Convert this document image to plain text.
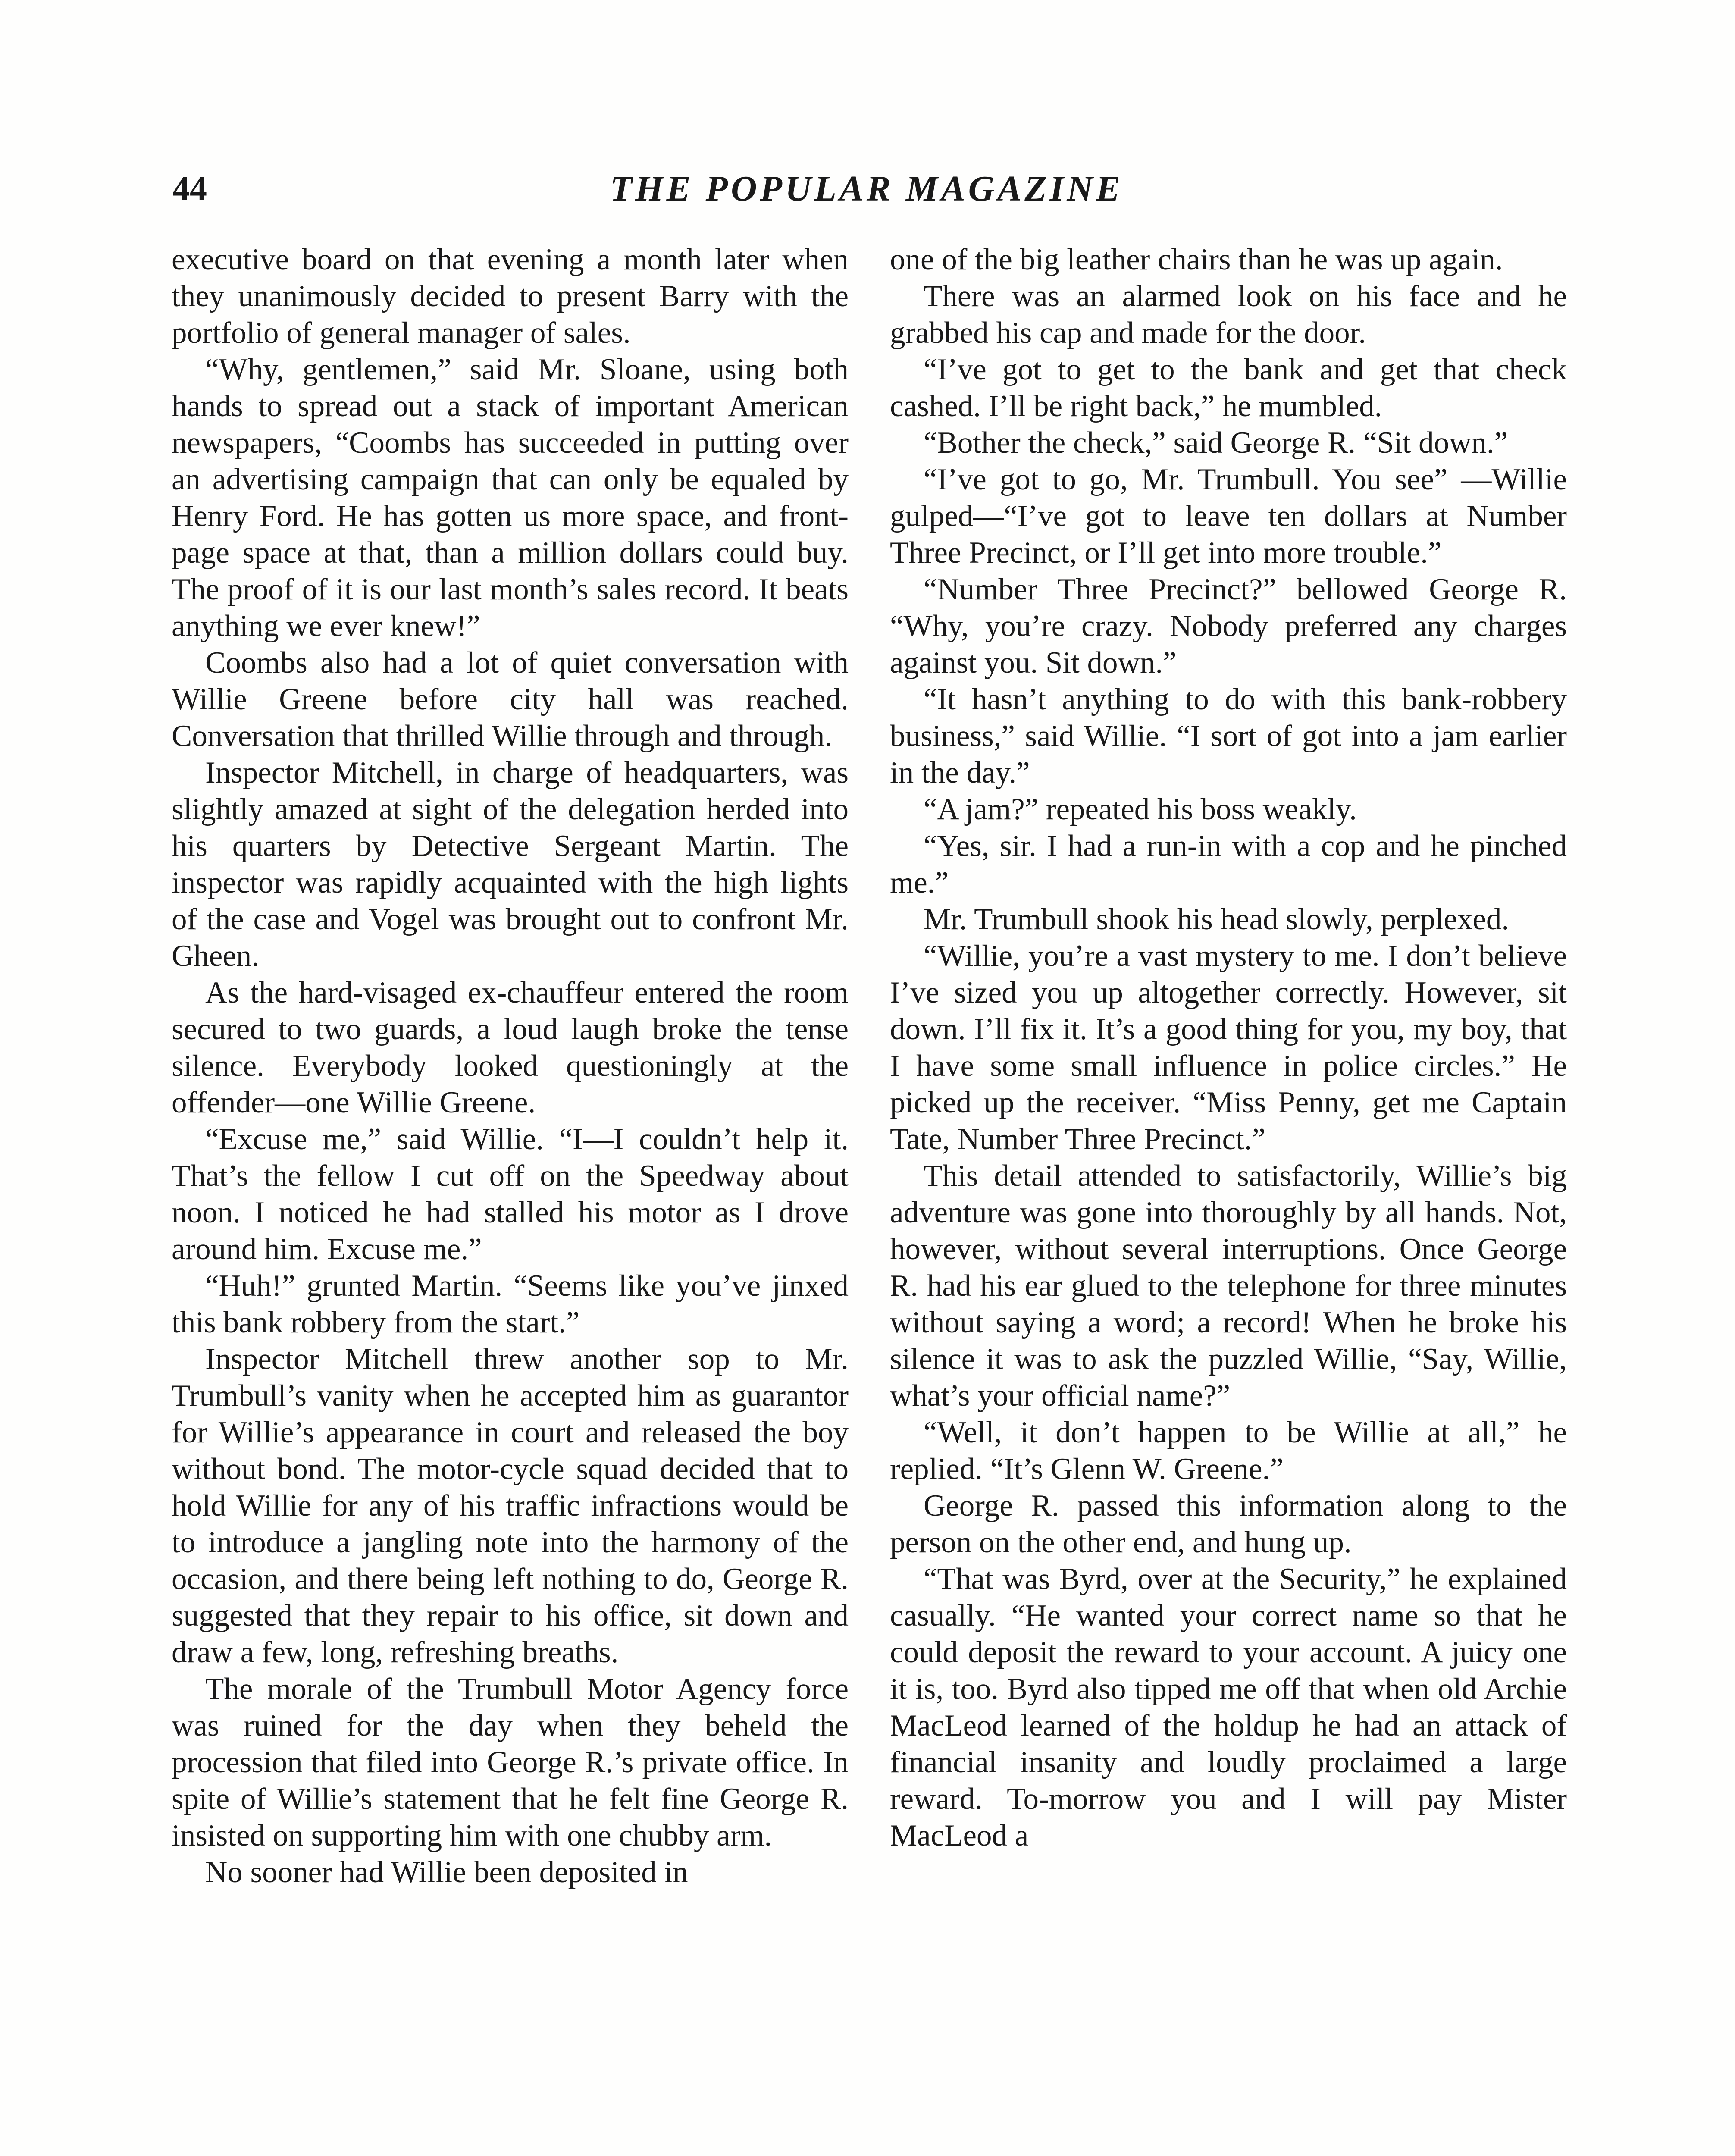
44	THE POPULAR MAGAZINE

executive board on that evening a month later when they unanimously decided to present Barry with the portfolio of general manager of sales.

“Why, gentlemen,” said Mr. Sloane, using both hands to spread out a stack of important American newspapers, “Coombs has succeeded in putting over an advertising campaign that can only be equaled by Henry Ford. He has gotten us more space, and front-page space at that, than a million dollars could buy. The proof of it is our last month’s sales record. It beats anything we ever knew!”

Coombs also had a lot of quiet conversation with Willie Greene before city hall was reached. Conversation that thrilled Willie through and through.

Inspector Mitchell, in charge of headquarters, was slightly amazed at sight of the delegation herded into his quarters by Detective Sergeant Martin. The inspector was rapidly acquainted with the high lights of the case and Vogel was brought out to confront Mr. Gheen.

As the hard-visaged ex-chauffeur entered the room secured to two guards, a loud laugh broke the tense silence. Everybody looked questioningly at the offender—one Willie Greene.

“Excuse me,” said Willie. “I—I couldn’t help it. That’s the fellow I cut off on the Speedway about noon. I noticed he had stalled his motor as I drove around him. Excuse me.”

“Huh!” grunted Martin. “Seems like you’ve jinxed this bank robbery from the start.”

Inspector Mitchell threw another sop to Mr. Trumbull’s vanity when he accepted him as guarantor for Willie’s appearance in court and released the boy without bond. The motor-cycle squad decided that to hold Willie for any of his traffic infractions would be to introduce a jangling note into the harmony of the occasion, and there being left nothing to do, George R. suggested that they repair to his office, sit down and draw a few, long, refreshing breaths.

The morale of the Trumbull Motor Agency force was ruined for the day when they beheld the procession that filed into George R.’s private office. In spite of Willie’s statement that he felt fine George R. insisted on supporting him with one chubby arm.

No sooner had Willie been deposited in

one of the big leather chairs than he was up again.

There was an alarmed look on his face and he grabbed his cap and made for the door.

“I’ve got to get to the bank and get that check cashed. I’ll be right back,” he mumbled.

“Bother the check,” said George R. “Sit down.”

“I’ve got to go, Mr. Trumbull. You see” —Willie gulped—“I’ve got to leave ten dollars at Number Three Precinct, or I’ll get into more trouble.”

“Number Three Precinct?” bellowed George R. “Why, you’re crazy. Nobody preferred any charges against you. Sit down.”

“It hasn’t anything to do with this bank-robbery business,” said Willie. “I sort of got into a jam earlier in the day.”

“A jam?” repeated his boss weakly.

“Yes, sir. I had a run-in with a cop and he pinched me.”

Mr. Trumbull shook his head slowly, perplexed.

“Willie, you’re a vast mystery to me. I don’t believe I’ve sized you up altogether correctly. However, sit down. I’ll fix it. It’s a good thing for you, my boy, that I have some small influence in police circles.” He picked up the receiver. “Miss Penny, get me Captain Tate, Number Three Precinct.”

This detail attended to satisfactorily, Willie’s big adventure was gone into thoroughly by all hands. Not, however, without several interruptions. Once George R. had his ear glued to the telephone for three minutes without saying a word; a record! When he broke his silence it was to ask the puzzled Willie, “Say, Willie, what’s your official name?”

“Well, it don’t happen to be Willie at all,” he replied. “It’s Glenn W. Greene.”

George R. passed this information along to the person on the other end, and hung up.

“That was Byrd, over at the Security,” he explained casually. “He wanted your correct name so that he could deposit the reward to your account. A juicy one it is, too. Byrd also tipped me off that when old Archie MacLeod learned of the holdup he had an attack of financial insanity and loudly proclaimed a large reward. To-morrow you and I will pay Mister MacLeod a
